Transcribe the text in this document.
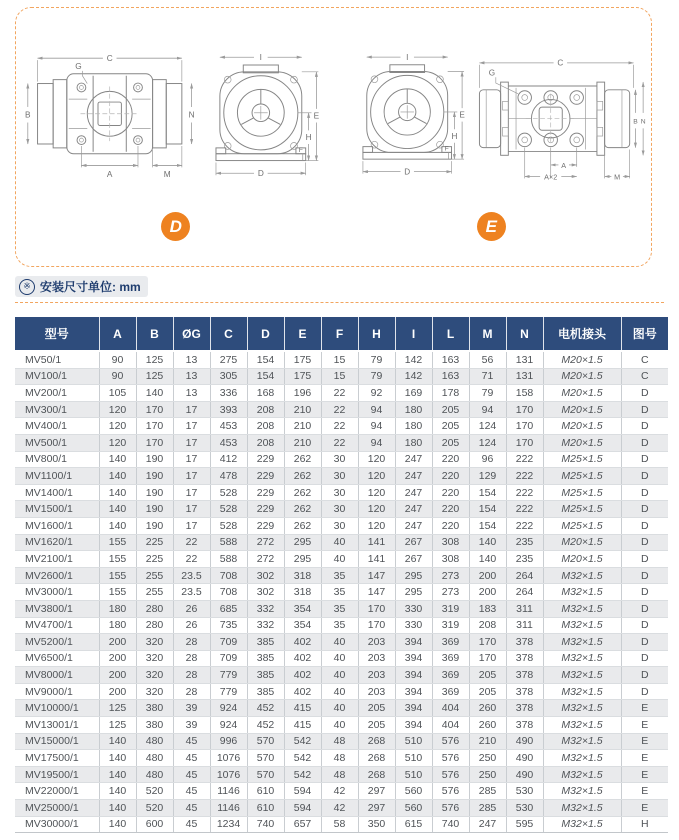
C
G
B	N
A	M
I
E
H
F
D
D
I
E
H
F
D
C
G
B N
A
A×2	M
E
※ 安装尺寸单位: mm
型号	A	B	ØG	C	D	E	F	H	I	L	M	N	电机接头	图号
MV50/1	90	125	13	275	154	175	15	79	142	163	56	131	M20×1.5	C
MV100/1	90	125	13	305	154	175	15	79	142	163	71	131	M20×1.5	C
MV200/1	105	140	13	336	168	196	22	92	169	178	79	158	M20×1.5	D
MV300/1	120	170	17	393	208	210	22	94	180	205	94	170	M20×1.5	D
MV400/1	120	170	17	453	208	210	22	94	180	205	124	170	M20×1.5	D
MV500/1	120	170	17	453	208	210	22	94	180	205	124	170	M20×1.5	D
MV800/1	140	190	17	412	229	262	30	120	247	220	96	222	M25×1.5	D
MV1100/1	140	190	17	478	229	262	30	120	247	220	129	222	M25×1.5	D
MV1400/1	140	190	17	528	229	262	30	120	247	220	154	222	M25×1.5	D
MV1500/1	140	190	17	528	229	262	30	120	247	220	154	222	M25×1.5	D
MV1600/1	140	190	17	528	229	262	30	120	247	220	154	222	M25×1.5	D
MV1620/1	155	225	22	588	272	295	40	141	267	308	140	235	M20×1.5	D
MV2100/1	155	225	22	588	272	295	40	141	267	308	140	235	M20×1.5	D
MV2600/1	155	255	23.5	708	302	318	35	147	295	273	200	264	M32×1.5	D
MV3000/1	155	255	23.5	708	302	318	35	147	295	273	200	264	M32×1.5	D
MV3800/1	180	280	26	685	332	354	35	170	330	319	183	311	M32×1.5	D
MV4700/1	180	280	26	735	332	354	35	170	330	319	208	311	M32×1.5	D
MV5200/1	200	320	28	709	385	402	40	203	394	369	170	378	M32×1.5	D
MV6500/1	200	320	28	709	385	402	40	203	394	369	170	378	M32×1.5	D
MV8000/1	200	320	28	779	385	402	40	203	394	369	205	378	M32×1.5	D
MV9000/1	200	320	28	779	385	402	40	203	394	369	205	378	M32×1.5	D
MV10000/1	125	380	39	924	452	415	40	205	394	404	260	378	M32×1.5	E
MV13001/1	125	380	39	924	452	415	40	205	394	404	260	378	M32×1.5	E
MV15000/1	140	480	45	996	570	542	48	268	510	576	210	490	M32×1.5	E
MV17500/1	140	480	45	1076	570	542	48	268	510	576	250	490	M32×1.5	E
MV19500/1	140	480	45	1076	570	542	48	268	510	576	250	490	M32×1.5	E
MV22000/1	140	520	45	1146	610	594	42	297	560	576	285	530	M32×1.5	E
MV25000/1	140	520	45	1146	610	594	42	297	560	576	285	530	M32×1.5	E
MV30000/1	140	600	45	1234	740	657	58	350	615	740	247	595	M32×1.5	H
